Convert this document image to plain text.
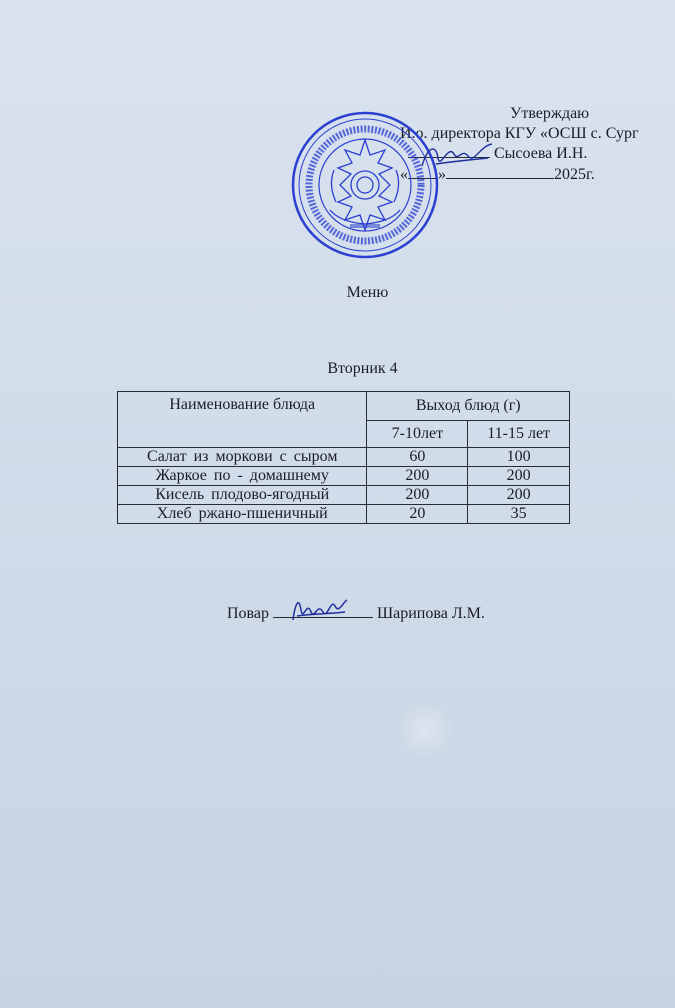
Утверждаю
И.о. директора КГУ «ОСШ с. Сург
Сысоева И.Н.
« »	2025г.
Меню
Вторник 4
Наименование блюда	Выход блюд (г)	
	7-10лет	11-15 лет
Салат из моркови с сыром	60	100
Жаркое по - домашнему	200	200
Кисель плодово-ягодный	200	200
Хлеб ржано-пшеничный	20	35
Повар	Шарипова Л.М.
